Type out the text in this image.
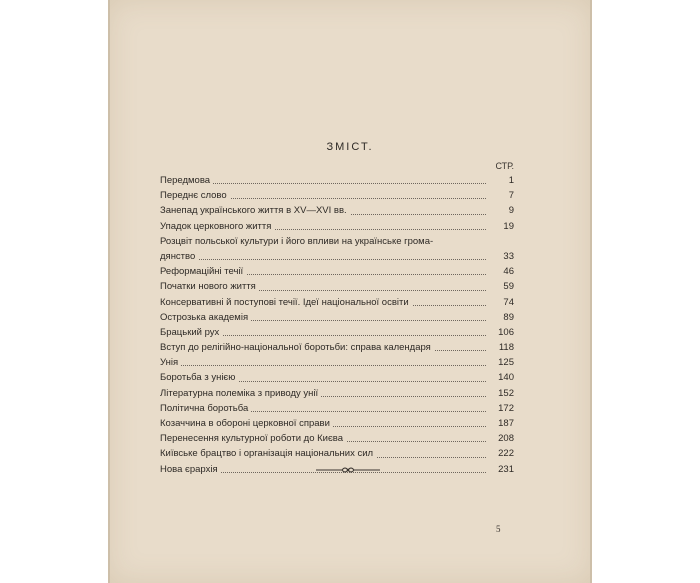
ЗМІСТ.
СТР.
Передмова	1
Переднє слово	7
Занепад українського життя в XV—XVI вв.	9
Упадок церковного життя	19
Розцвіт польської культури і його впливи на українське грома-
дянство	33
Реформаційні течії	46
Початки нового життя	59
Консервативні й поступові течії. Ідеї національної освіти	74
Острозька академія	89
Брацький рух	106
Вступ до релігійно-національної боротьби: справа календаря	118
Унія	125
Боротьба з унією	140
Літературна полеміка з приводу унії	152
Політична боротьба	172
Козаччина в обороні церковної справи	187
Перенесення культурної роботи до Києва	208
Київське брацтво і організація національних сил	222
Нова єрархія	231
5
